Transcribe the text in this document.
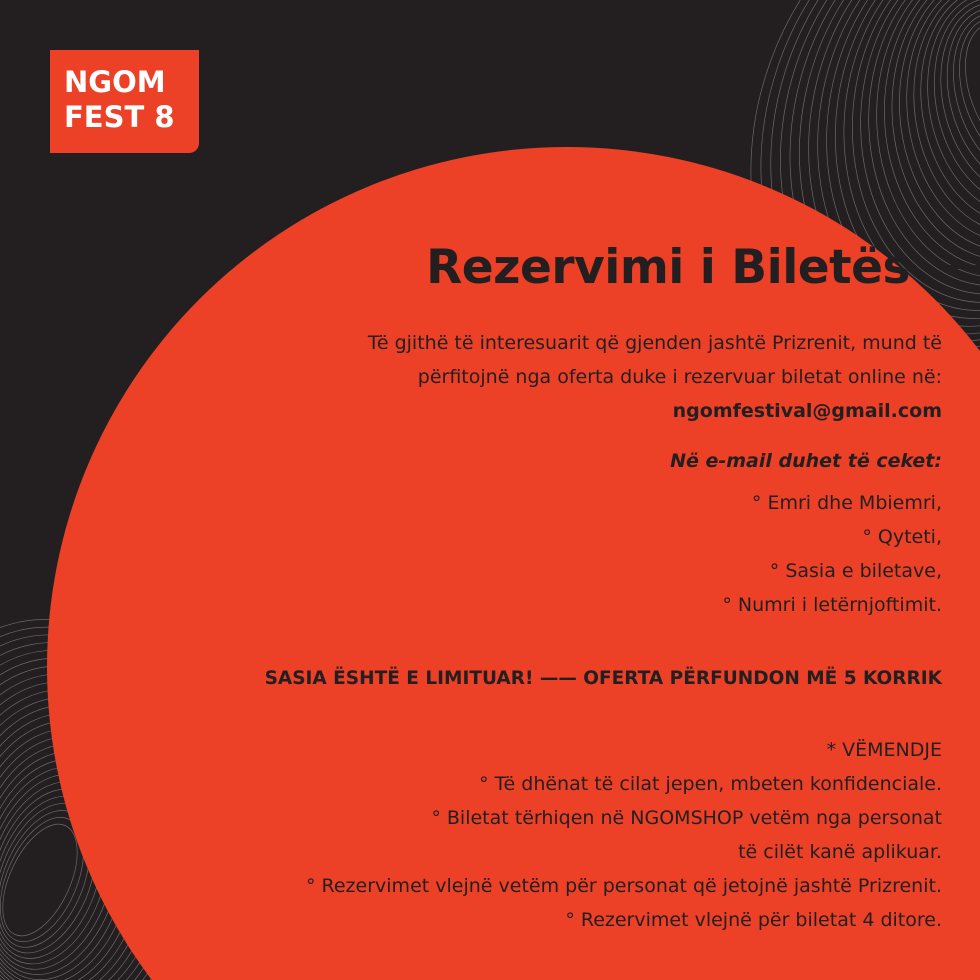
NGOM
FEST 8
Rezervimi i Biletës
Të gjithë të interesuarit që gjenden jashtë Prizrenit, mund të
përfitojnë nga oferta duke i rezervuar biletat online në:
ngomfestival@gmail.com
Në e-mail duhet të ceket:
° Emri dhe Mbiemri,
° Qyteti,
° Sasia e biletave,
° Numri i letërnjoftimit.
SASIA ËSHTË E LIMITUAR! —— OFERTA PËRFUNDON MË 5 KORRIK
* VËMENDJE
° Të dhënat të cilat jepen, mbeten konfidenciale.
° Biletat tërhiqen në NGOMSHOP vetëm nga personat
të cilët kanë aplikuar.
° Rezervimet vlejnë vetëm për personat që jetojnë jashtë Prizrenit.
° Rezervimet vlejnë për biletat 4 ditore.
